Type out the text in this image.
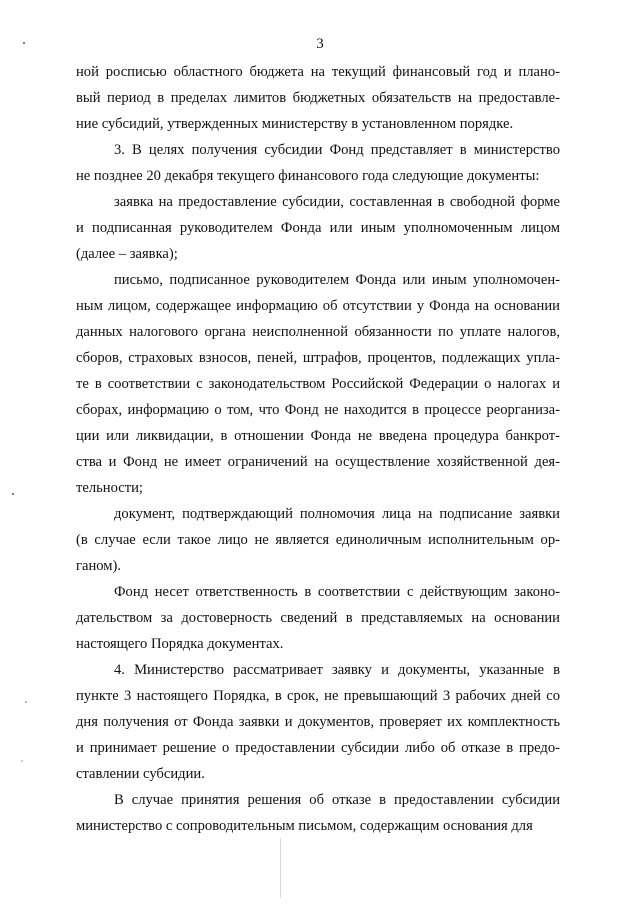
3
ной росписью областного бюджета на текущий финансовый год и плано-
вый период в пределах лимитов бюджетных обязательств на предоставле-
ние субсидий, утвержденных министерству в установленном порядке.
3. В целях получения субсидии Фонд представляет в министерство
не позднее 20 декабря текущего финансового года следующие документы:
заявка на предоставление субсидии, составленная в свободной форме
и подписанная руководителем Фонда или иным уполномоченным лицом
(далее – заявка);
письмо, подписанное руководителем Фонда или иным уполномочен-
ным лицом, содержащее информацию об отсутствии у Фонда на основании
данных налогового органа неисполненной обязанности по уплате налогов,
сборов, страховых взносов, пеней, штрафов, процентов, подлежащих упла-
те в соответствии с законодательством Российской Федерации о налогах и
сборах, информацию о том, что Фонд не находится в процессе реорганиза-
ции или ликвидации, в отношении Фонда не введена процедура банкрот-
ства и Фонд не имеет ограничений на осуществление хозяйственной дея-
тельности;
документ, подтверждающий полномочия лица на подписание заявки
(в случае если такое лицо не является единоличным исполнительным ор-
ганом).
Фонд несет ответственность в соответствии с действующим законо-
дательством за достоверность сведений в представляемых на основании
настоящего Порядка документах.
4. Министерство рассматривает заявку и документы, указанные в
пункте 3 настоящего Порядка, в срок, не превышающий 3 рабочих дней со
дня получения от Фонда заявки и документов, проверяет их комплектность
и принимает решение о предоставлении субсидии либо об отказе в предо-
ставлении субсидии.
В случае принятия решения об отказе в предоставлении субсидии
министерство с сопроводительным письмом, содержащим основания для
